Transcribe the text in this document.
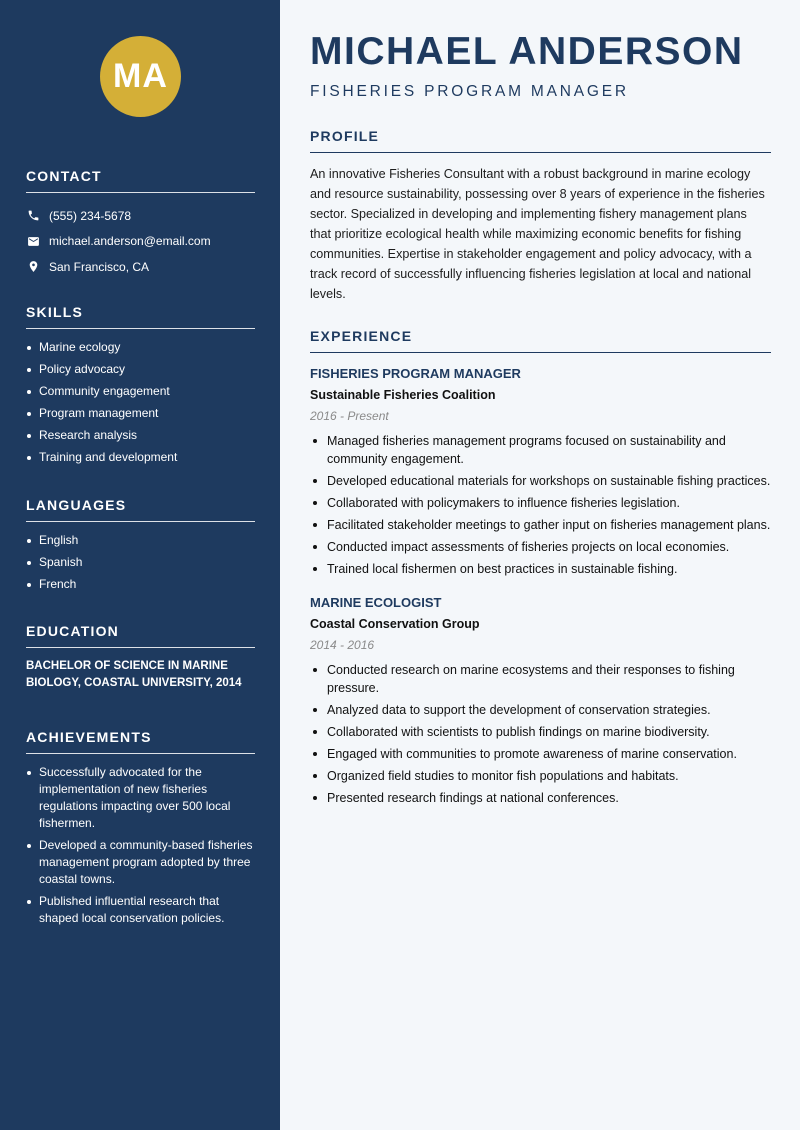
MA
CONTACT
(555) 234-5678
michael.anderson@email.com
San Francisco, CA
SKILLS
Marine ecology
Policy advocacy
Community engagement
Program management
Research analysis
Training and development
LANGUAGES
English
Spanish
French
EDUCATION
BACHELOR OF SCIENCE IN MARINE BIOLOGY, COASTAL UNIVERSITY, 2014
ACHIEVEMENTS
Successfully advocated for the implementation of new fisheries regulations impacting over 500 local fishermen.
Developed a community-based fisheries management program adopted by three coastal towns.
Published influential research that shaped local conservation policies.
MICHAEL ANDERSON
FISHERIES PROGRAM MANAGER
PROFILE

An innovative Fisheries Consultant with a robust background in marine ecology and resource sustainability, possessing over 8 years of experience in the fisheries sector. Specialized in developing and implementing fishery management plans that prioritize ecological health while maximizing economic benefits for fishing communities. Expertise in stakeholder engagement and policy advocacy, with a track record of successfully influencing fisheries legislation at local and national levels.

EXPERIENCE
FISHERIES PROGRAM MANAGER
Sustainable Fisheries Coalition
2016 - Present
Managed fisheries management programs focused on sustainability and community engagement.
Developed educational materials for workshops on sustainable fishing practices.
Collaborated with policymakers to influence fisheries legislation.
Facilitated stakeholder meetings to gather input on fisheries management plans.
Conducted impact assessments of fisheries projects on local economies.
Trained local fishermen on best practices in sustainable fishing.
MARINE ECOLOGIST
Coastal Conservation Group
2014 - 2016
Conducted research on marine ecosystems and their responses to fishing pressure.
Analyzed data to support the development of conservation strategies.
Collaborated with scientists to publish findings on marine biodiversity.
Engaged with communities to promote awareness of marine conservation.
Organized field studies to monitor fish populations and habitats.
Presented research findings at national conferences.
